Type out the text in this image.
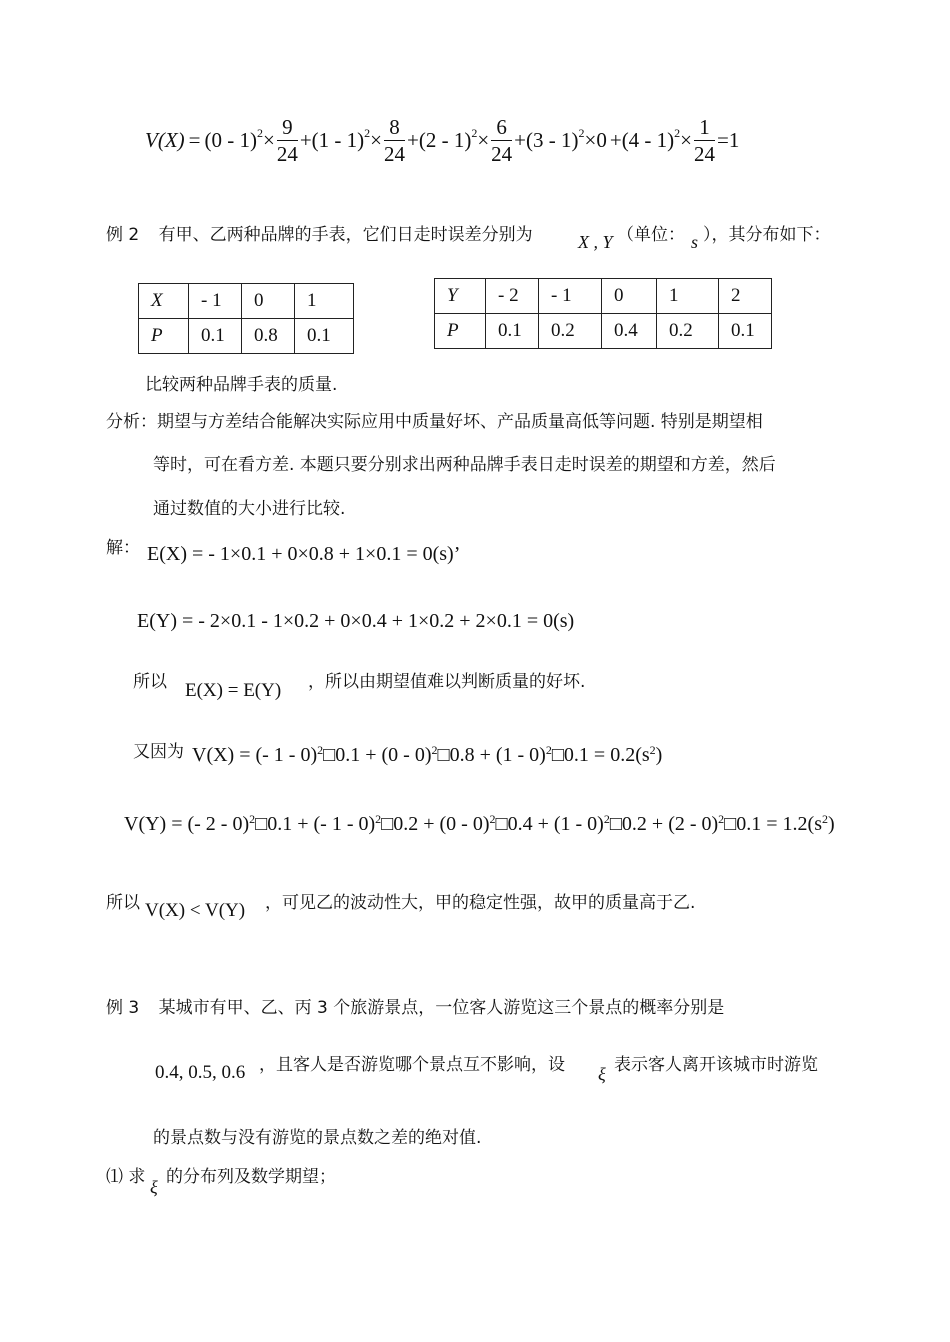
$V(X) = (0 - 1)^2 \times \frac{9}{24} + (1 - 1)^2 \times \frac{8}{24} + (2 - 1)^2 \times \frac{6}{24} + (3 - 1)^2 \times 0 + (4 - 1)^2 \times \frac{1}{24} =1$
例 2 有甲、乙两种品牌的手表，它们日走时误差分别为	X , Y （单位： s ），其分布如下：
X	- 1	0	1
P	0.1	0.8	0.1
Y	- 2	- 1	0	1	2
P	0.1	0.2	0.4	0.2	0.1
比较两种品牌手表的质量.
分析：期望与方差结合能解决实际应用中质量好坏、产品质量高低等问题. 特别是期望相
等时，可在看方差. 本题只要分别求出两种品牌手表日走时误差的期望和方差，然后
通过数值的大小进行比较.
解： E(X) = - 1×0.1 + 0×0.8 + 1×0.1 = 0(s)’
E(Y) = - 2×0.1 - 1×0.2 + 0×0.4 + 1×0.2 + 2×0.1 = 0(s)
所以 E(X) = E(Y) ，所以由期望值难以判断质量的好坏.
又因为 V(X) = (- 1 - 0)$^2$□0.1 + (0 - 0)$^2$□0.8 + (1 - 0)$^2$□0.1 = $0.2(s^2)$
V(Y) = (- 2 - 0)$^2$□0.1 + (- 1 - 0)$^2$□0.2 + (0 - 0)$^2$□0.4 + (1 - 0)$^2$□0.2 + (2 - 0)$^2$□0.1 = $1.2(s^2)$
所以 V(X) < V(Y) ，可见乙的波动性大，甲的稳定性强，故甲的质量高于乙.
例 3 某城市有甲、乙、丙 3 个旅游景点，一位客人游览这三个景点的概率分别是
0.4, 0.5, 0.6 ，且客人是否游览哪个景点互不影响，设 ξ 表示客人离开该城市时游览
的景点数与没有游览的景点数之差的绝对值.
⑴ 求 ξ 的分布列及数学期望；
